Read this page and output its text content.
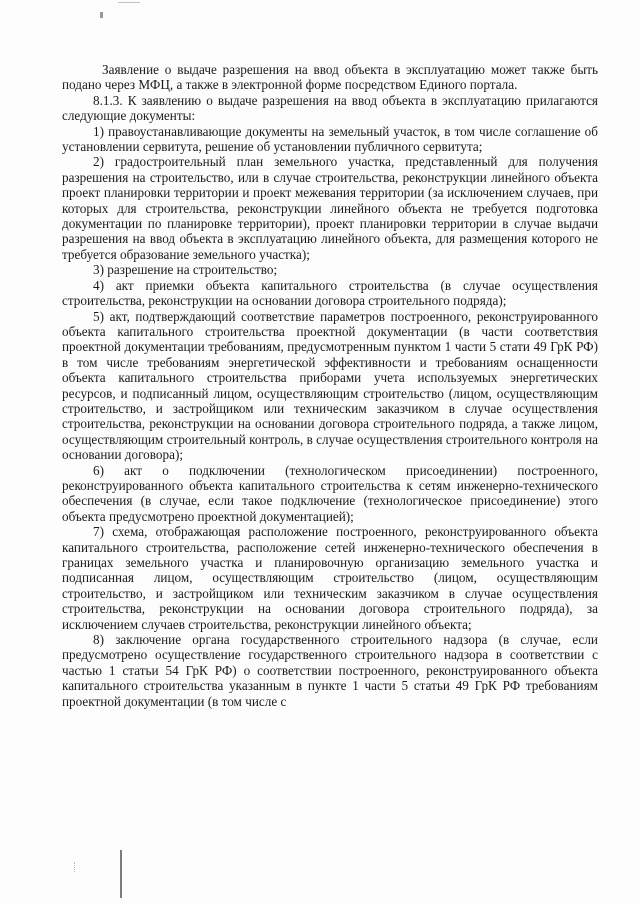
Заявление о выдаче разрешения на ввод объекта в эксплуатацию может также быть подано через МФЦ, а также в электронной форме посредством Единого портала.

8.1.3. К заявлению о выдаче разрешения на ввод объекта в эксплуатацию прилагаются следующие документы:

1) правоустанавливающие документы на земельный участок, в том числе соглашение об установлении сервитута, решение об установлении публичного сервитута;

2) градостроительный план земельного участка, представленный для получения разрешения на строительство, или в случае строительства, реконструкции линейного объекта проект планировки территории и проект межевания территории (за исключением случаев, при которых для строительства, реконструкции линейного объекта не требуется подготовка документации по планировке территории), проект планировки территории в случае выдачи разрешения на ввод объекта в эксплуатацию линейного объекта, для размещения которого не требуется образование земельного участка);

3) разрешение на строительство;

4) акт приемки объекта капитального строительства (в случае осуществления строительства, реконструкции на основании договора строительного подряда);

5) акт, подтверждающий соответствие параметров построенного, реконструированного объекта капитального строительства проектной документации (в части соответствия проектной документации требованиям, предусмотренным пунктом 1 части 5 стати 49 ГрК РФ) в том числе требованиям энергетической эффективности и требованиям оснащенности объекта капитального строительства приборами учета используемых энергетических ресурсов, и подписанный лицом, осуществляющим строительство (лицом, осуществляющим строительство, и застройщиком или техническим заказчиком в случае осуществления строительства, реконструкции на основании договора строительного подряда, а также лицом, осуществляющим строительный контроль, в случае осуществления строительного контроля на основании договора);

6) акт о подключении (технологическом присоединении) построенного, реконструированного объекта капитального строительства к сетям инженерно-технического обеспечения (в случае, если такое подключение (технологическое присоединение) этого объекта предусмотрено проектной документацией);

7) схема, отображающая расположение построенного, реконструированного объекта капитального строительства, расположение сетей инженерно-технического обеспечения в границах земельного участка и планировочную организацию земельного участка и подписанная лицом, осуществляющим строительство (лицом, осуществляющим строительство, и застройщиком или техническим заказчиком в случае осуществления строительства, реконструкции на основании договора строительного подряда), за исключением случаев строительства, реконструкции линейного объекта;

8) заключение органа государственного строительного надзора (в случае, если предусмотрено осуществление государственного строительного надзора в соответствии с частью 1 статьи 54 ГрК РФ) о соответствии построенного, реконструированного объекта капитального строительства указанным в пункте 1 части 5 статьи 49 ГрК РФ требованиям проектной документации (в том числе с
